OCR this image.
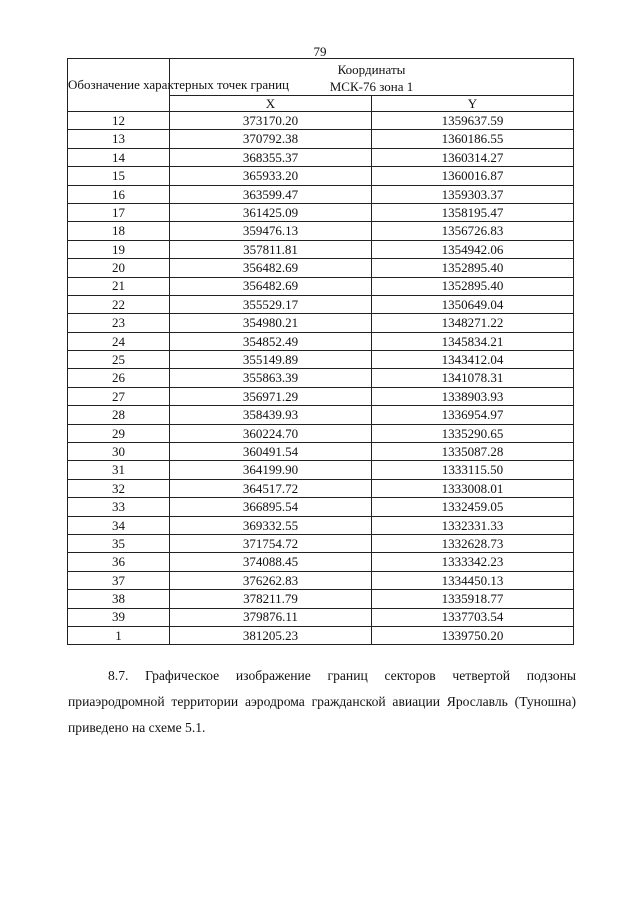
79
Обозначение характерных точек границ	Координаты
МСК-76 зона 1	

	X	Y
12	373170.20	1359637.59
13	370792.38	1360186.55
14	368355.37	1360314.27
15	365933.20	1360016.87
16	363599.47	1359303.37
17	361425.09	1358195.47
18	359476.13	1356726.83
19	357811.81	1354942.06
20	356482.69	1352895.40
21	356482.69	1352895.40
22	355529.17	1350649.04
23	354980.21	1348271.22
24	354852.49	1345834.21
25	355149.89	1343412.04
26	355863.39	1341078.31
27	356971.29	1338903.93
28	358439.93	1336954.97
29	360224.70	1335290.65
30	360491.54	1335087.28
31	364199.90	1333115.50
32	364517.72	1333008.01
33	366895.54	1332459.05
34	369332.55	1332331.33
35	371754.72	1332628.73
36	374088.45	1333342.23
37	376262.83	1334450.13
38	378211.79	1335918.77
39	379876.11	1337703.54
1	381205.23	1339750.20

8.7. Графическое изображение границ секторов четвертой подзоны приаэродромной территории аэродрома гражданской авиации Ярославль (Туношна) приведено на схеме 5.1.
